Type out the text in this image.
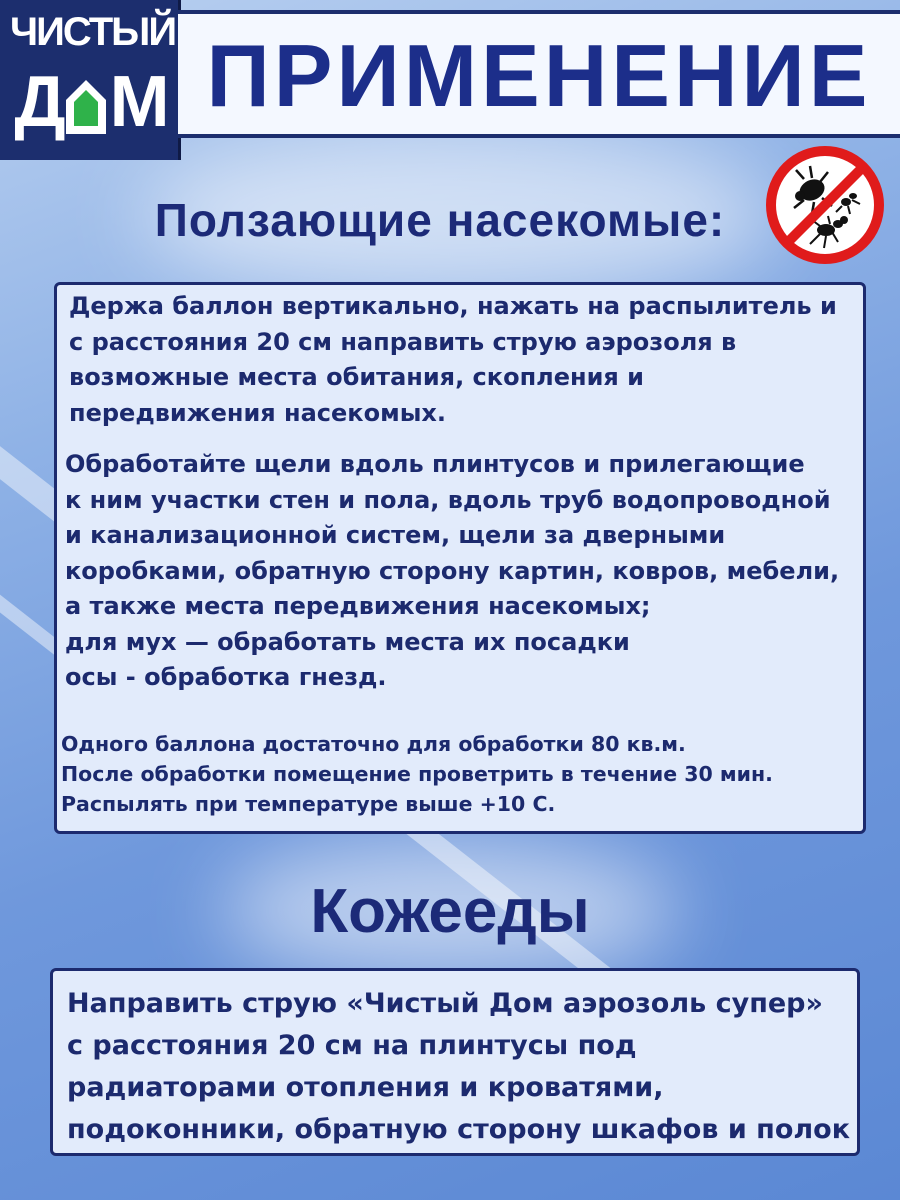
ЧИСТЫЙ
Д М ПРИМЕНЕНИЕ
Ползающие насекомые:
Держа баллон вертикально, нажать на распылитель и
с расстояния 20 см направить струю аэрозоля в
возможные места обитания, скопления и
передвижения насекомых.
Обработайте щели вдоль плинтусов и прилегающие
к ним участки стен и пола, вдоль труб водопроводной
и канализационной систем, щели за дверными
коробками, обратную сторону картин, ковров, мебели,
а также места передвижения насекомых;
для мух — обработать места их посадки
осы - обработка гнезд.
Одного баллона достаточно для обработки 80 кв.м.
После обработки помещение проветрить в течение 30 мин.
Распылять при температуре выше +10 С.
Кожееды
Направить струю «Чистый Дом аэрозоль супер»
с расстояния 20 см на плинтусы под
радиаторами отопления и кроватями,
подоконники, обратную сторону шкафов и полок
